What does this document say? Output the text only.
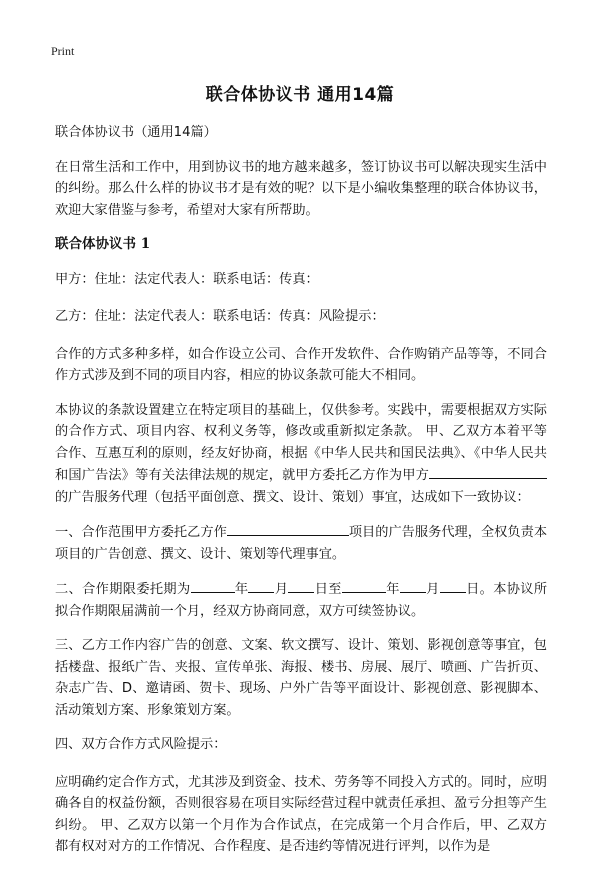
Print
联合体协议书 通用14篇

联合体协议书（通用14篇）

在日常生活和工作中，用到协议书的地方越来越多，签订协议书可以解决现实生活中的纠纷。那么什么样的协议书才是有效的呢？以下是小编收集整理的联合体协议书，欢迎大家借鉴与参考，希望对大家有所帮助。

联合体协议书 1

甲方：住址：法定代表人：联系电话：传真：

乙方：住址：法定代表人：联系电话：传真：风险提示：

合作的方式多种多样，如合作设立公司、合作开发软件、合作购销产品等等，不同合作方式涉及到不同的项目内容，相应的协议条款可能大不相同。

本协议的条款设置建立在特定项目的基础上，仅供参考。实践中，需要根据双方实际的合作方式、项目内容、权利义务等，修改或重新拟定条款。 甲、乙双方本着平等合作、互惠互利的原则，经友好协商，根据《中华人民共和国民法典》、《中华人民共和国广告法》等有关法律法规的规定，就甲方委托乙方作为甲方的广告服务代理（包括平面创意、撰文、设计、策划）事宜，达成如下一致协议：

一、合作范围甲方委托乙方作	项目的广告服务代理，全权负责本项目的广告创意、撰文、设计、策划等代理事宜。

二、合作期限委托期为	年 月 日至	年 月 日。本协议所拟合作期限届满前一个月，经双方协商同意，双方可续签协议。

三、乙方工作内容广告的创意、文案、软文撰写、设计、策划、影视创意等事宜，包括楼盘、报纸广告、夹报、宣传单张、海报、楼书、房展、展厅、喷画、广告折页、杂志广告、D、邀请函、贺卡、现场、户外广告等平面设计、影视创意、影视脚本、活动策划方案、形象策划方案。

四、双方合作方式风险提示：

应明确约定合作方式，尤其涉及到资金、技术、劳务等不同投入方式的。同时，应明确各自的权益份额，否则很容易在项目实际经营过程中就责任承担、盈亏分担等产生纠纷。 甲、乙双方以第一个月作为合作试点，在完成第一个月合作后，甲、乙双方都有权对对方的工作情况、合作程度、是否违约等情况进行评判，以作为是
